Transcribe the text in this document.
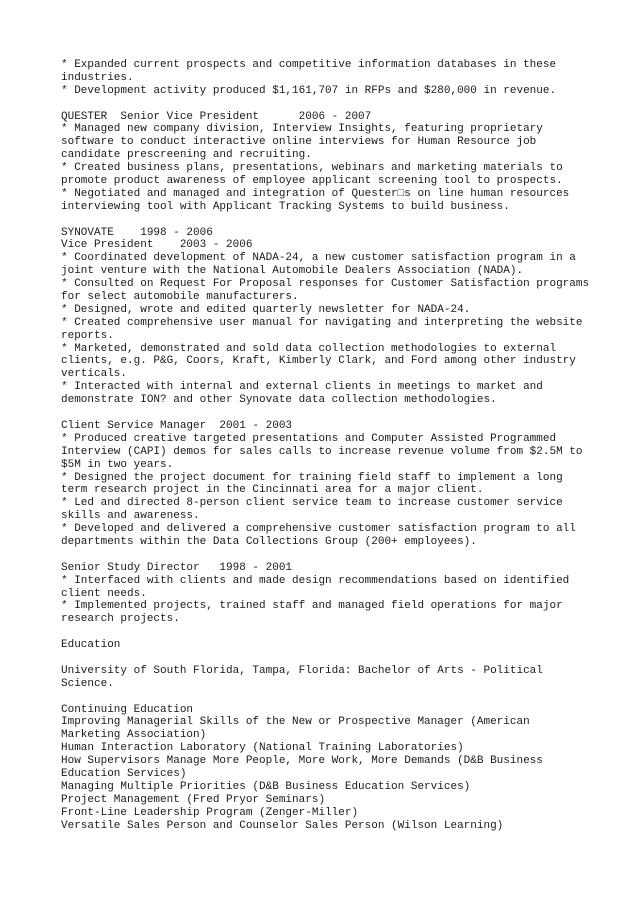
* Expanded current prospects and competitive information databases in these
industries.
* Development activity produced $1,161,707 in RFPs and $280,000 in revenue.
QUESTER  Senior Vice President      2006 - 2007
* Managed new company division, Interview Insights, featuring proprietary
software to conduct interactive online interviews for Human Resource job
candidate prescreening and recruiting.
* Created business plans, presentations, webinars and marketing materials to
promote product awareness of employee applicant screening tool to prospects.
* Negotiated and managed and integration of Quester□s on line human resources
interviewing tool with Applicant Tracking Systems to build business.
SYNOVATE    1998 - 2006
Vice President    2003 - 2006
* Coordinated development of NADA-24, a new customer satisfaction program in a
joint venture with the National Automobile Dealers Association (NADA).
* Consulted on Request For Proposal responses for Customer Satisfaction programs
for select automobile manufacturers.
* Designed, wrote and edited quarterly newsletter for NADA-24.
* Created comprehensive user manual for navigating and interpreting the website
reports.
* Marketed, demonstrated and sold data collection methodologies to external
clients, e.g. P&G, Coors, Kraft, Kimberly Clark, and Ford among other industry
verticals.
* Interacted with internal and external clients in meetings to market and
demonstrate ION? and other Synovate data collection methodologies.
Client Service Manager  2001 - 2003
* Produced creative targeted presentations and Computer Assisted Programmed
Interview (CAPI) demos for sales calls to increase revenue volume from $2.5M to
$5M in two years.
* Designed the project document for training field staff to implement a long
term research project in the Cincinnati area for a major client.
* Led and directed 8-person client service team to increase customer service
skills and awareness.
* Developed and delivered a comprehensive customer satisfaction program to all
departments within the Data Collections Group (200+ employees).
Senior Study Director   1998 - 2001
* Interfaced with clients and made design recommendations based on identified
client needs.
* Implemented projects, trained staff and managed field operations for major
research projects.
Education
University of South Florida, Tampa, Florida: Bachelor of Arts - Political
Science.
Continuing Education
Improving Managerial Skills of the New or Prospective Manager (American
Marketing Association)
Human Interaction Laboratory (National Training Laboratories)
How Supervisors Manage More People, More Work, More Demands (D&B Business
Education Services)
Managing Multiple Priorities (D&B Business Education Services)
Project Management (Fred Pryor Seminars)
Front-Line Leadership Program (Zenger-Miller)
Versatile Sales Person and Counselor Sales Person (Wilson Learning)
